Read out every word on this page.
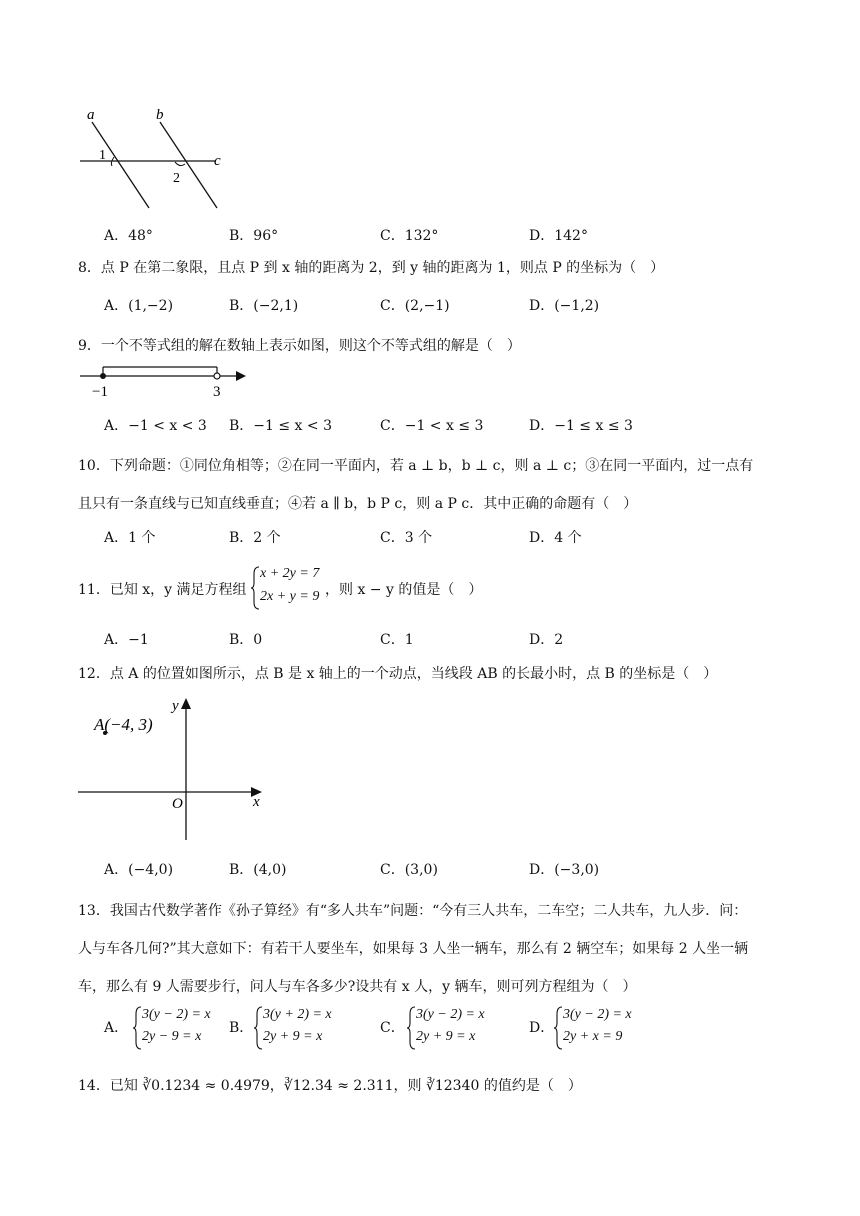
a	b
c
1
2
A．48°	B．96°	C．132°	D．142°
8．点 P 在第二象限，且点 P 到 x 轴的距离为 2，到 y 轴的距离为 1，则点 P 的坐标为（　）
A．(1,−2)	B．(−2,1)	C．(2,−1)	D．(−1,2)
9．一个不等式组的解在数轴上表示如图，则这个不等式组的解是（　）
−1	3
A．−1 < x < 3 B．−1 ≤ x < 3	C．−1 < x ≤ 3	D．−1 ≤ x ≤ 3
10．下列命题：①同位角相等；②在同一平面内，若 a ⊥ b，b ⊥ c，则 a ⊥ c；③在同一平面内，过一点有
且只有一条直线与已知直线垂直；④若 a ∥ b，b P c，则 a P c．其中正确的命题有（　）
A．1 个	B．2 个	C．3 个	D．4 个
11．已知 x，y 满足方程组
x + 2y = 7
2x + y = 9 ，则 x − y 的值是（　）
A．−1	B．0	C．1	D．2
12．点 A 的位置如图所示，点 B 是 x 轴上的一个动点，当线段 AB 的长最小时，点 B 的坐标是（　）
A(−4, 3)
O	x
y
A．(−4,0)	B．(4,0)	C．(3,0)	D．(−3,0)
13．我国古代数学著作《孙子算经》有“多人共车”问题：“今有三人共车，二车空；二人共车，九人步．问：
人与车各几何?”其大意如下：有若干人要坐车，如果每 3 人坐一辆车，那么有 2 辆空车；如果每 2 人坐一辆
车，那么有 9 人需要步行，问人与车各多少?设共有 x 人，y 辆车，则可列方程组为（　）
A．
3(y − 2) = x
2y − 9 = x
B．
3(y + 2) = x
2y + 9 = x
C．
3(y − 2) = x
2y + 9 = x
D．
3(y − 2) = x
2y + x = 9
14．已知 ∛0.1234 ≈ 0.4979，∛12.34 ≈ 2.311，则 ∛12340 的值约是（　）
